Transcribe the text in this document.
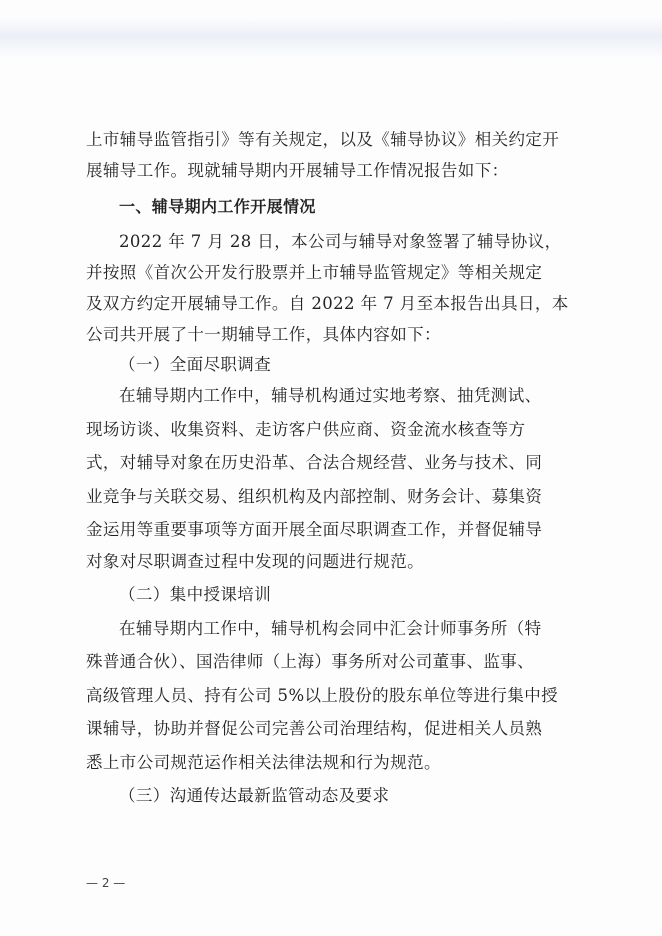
上市辅导监管指引》等有关规定，以及《辅导协议》相关约定开
展辅导工作。现就辅导期内开展辅导工作情况报告如下：
一、辅导期内工作开展情况
2022 年 7 月 28 日，本公司与辅导对象签署了辅导协议，
并按照《首次公开发行股票并上市辅导监管规定》等相关规定
及双方约定开展辅导工作。自 2022 年 7 月至本报告出具日，本
公司共开展了十一期辅导工作，具体内容如下：
（一）全面尽职调查
在辅导期内工作中，辅导机构通过实地考察、抽凭测试、
现场访谈、收集资料、走访客户供应商、资金流水核查等方
式，对辅导对象在历史沿革、合法合规经营、业务与技术、同
业竞争与关联交易、组织机构及内部控制、财务会计、募集资
金运用等重要事项等方面开展全面尽职调查工作，并督促辅导
对象对尽职调查过程中发现的问题进行规范。
（二）集中授课培训
在辅导期内工作中，辅导机构会同中汇会计师事务所（特
殊普通合伙）、国浩律师（上海）事务所对公司董事、监事、
高级管理人员、持有公司 5%以上股份的股东单位等进行集中授
课辅导，协助并督促公司完善公司治理结构，促进相关人员熟
悉上市公司规范运作相关法律法规和行为规范。
（三）沟通传达最新监管动态及要求
— 2 —
